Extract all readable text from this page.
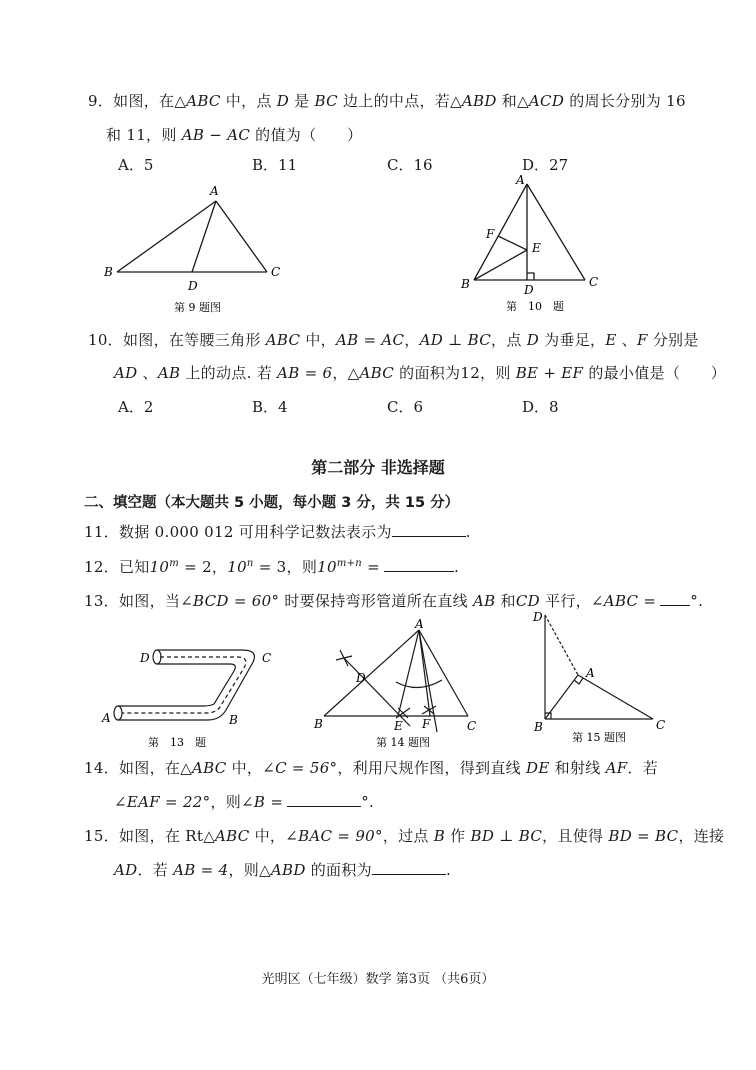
9．如图，在△ABC 中，点 D 是 BC 边上的中点，若△ABD 和△ACD 的周长分别为 16
和 11，则 AB − AC 的值为（　　）
A．5	B．11	C．16	D．27
A
B	C
D
第 9 题图
A
B	C
D
E
F
第　10　题
10．如图，在等腰三角形 ABC 中，AB = AC，AD ⊥ BC，点 D 为垂足，E 、F 分别是
AD 、AB 上的动点. 若 AB = 6，△ABC 的面积为12，则 BE + EF 的最小值是（　　）
A．2	B．4	C．6	D．8
第二部分 非选择题
二、填空题（本大题共 5 小题，每小题 3 分，共 15 分）
11．数据 0.000 012 可用科学记数法表示为	.
12．已知$10^m = 2$，$10^n = 3$，则$10^{m+n}$ =	.
13．如图，当∠BCD = 60° 时要保持弯形管道所在直线 AB 和CD 平行，∠ABC = °.
D	C
A	B
第　13　题
A
B	C
D
E F
第 14 题图
D
A
B	C
第 15 题图
14．如图，在△ABC 中，∠C = 56°，利用尺规作图，得到直线 DE 和射线 AF．若
∠EAF = 22°，则∠B =	°.
15．如图，在 Rt△ABC 中，∠BAC = 90°，过点 B 作 BD ⊥ BC，且使得 BD = BC，连接
AD．若 AB = 4，则△ABD 的面积为	.
光明区（七年级）数学 第3页 （共6页）
